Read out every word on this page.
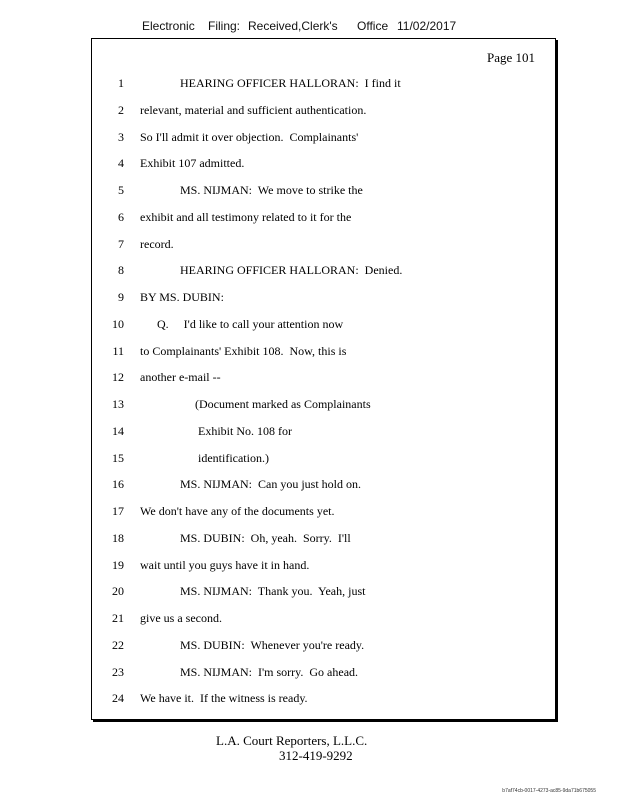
Electronic Filing: Received,Clerk's Office 11/02/2017
Page 101
1	HEARING OFFICER HALLORAN:  I find it
2 relevant, material and sufficient authentication.
3 So I'll admit it over objection.  Complainants'
4 Exhibit 107 admitted.
5	MS. NIJMAN:  We move to strike the
6 exhibit and all testimony related to it for the
7 record.
8	HEARING OFFICER HALLORAN:  Denied.
9 BY MS. DUBIN:
10	Q.     I'd like to call your attention now
11 to Complainants' Exhibit 108.  Now, this is
12 another e-mail --
13	(Document marked as Complainants
14	Exhibit No. 108 for
15	identification.)
16	MS. NIJMAN:  Can you just hold on.
17 We don't have any of the documents yet.
18	MS. DUBIN:  Oh, yeah.  Sorry.  I'll
19 wait until you guys have it in hand.
20	MS. NIJMAN:  Thank you.  Yeah, just
21 give us a second.
22	MS. DUBIN:  Whenever you're ready.
23	MS. NIJMAN:  I'm sorry.  Go ahead.
24 We have it.  If the witness is ready.
L.A. Court Reporters, L.L.C.
312-419-9292
b7af74cb-0017-4273-ac85-9da71b675055
